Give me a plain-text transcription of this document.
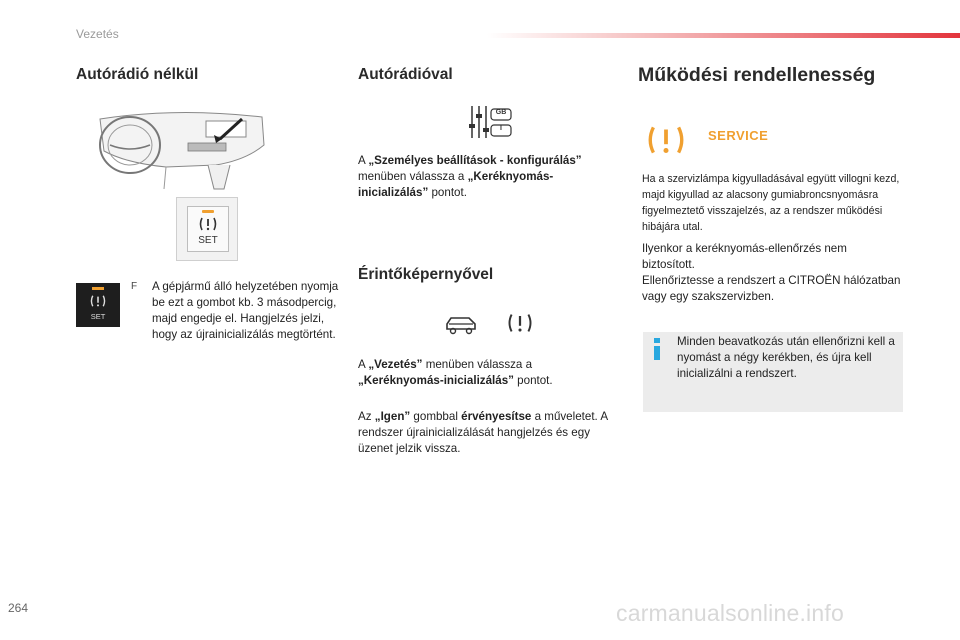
Vezetés
Autórádió nélkül
SET
SET
F A gépjármű álló helyzetében nyomja be ezt a gombot kb. 3 másodpercig, majd engedje el. Hangjelzés jelzi, hogy az újrainicializálás megtörtént.

Autórádióval
GB
I

A „Személyes beállítások - konfigurálás” menüben válassza a „Keréknyomás-inicializálás” pontot.

Érintőképernyővel

A „Vezetés” menüben válassza a „Keréknyomás-inicializálás” pontot.

Az „Igen” gombbal érvényesítse a műveletet. A rendszer újrainicializálását hangjelzés és egy üzenet jelzik vissza.

Működési rendellenesség
SERVICE

Ha a szervizlámpa kigyulladásával együtt villogni kezd, majd kigyullad az alacsony gumiabroncsnyomásra figyelmeztető visszajelzés, az a rendszer működési hibájára utal.

Ilyenkor a keréknyomás-ellenőrzés nem biztosított.

Ellenőriztesse a rendszert a CITROËN hálózatban vagy egy szakszervizben.

Minden beavatkozás után ellenőrizni kell a nyomást a négy kerékben, és újra kell inicializálni a rendszert.

264	carmanualsonline.info
